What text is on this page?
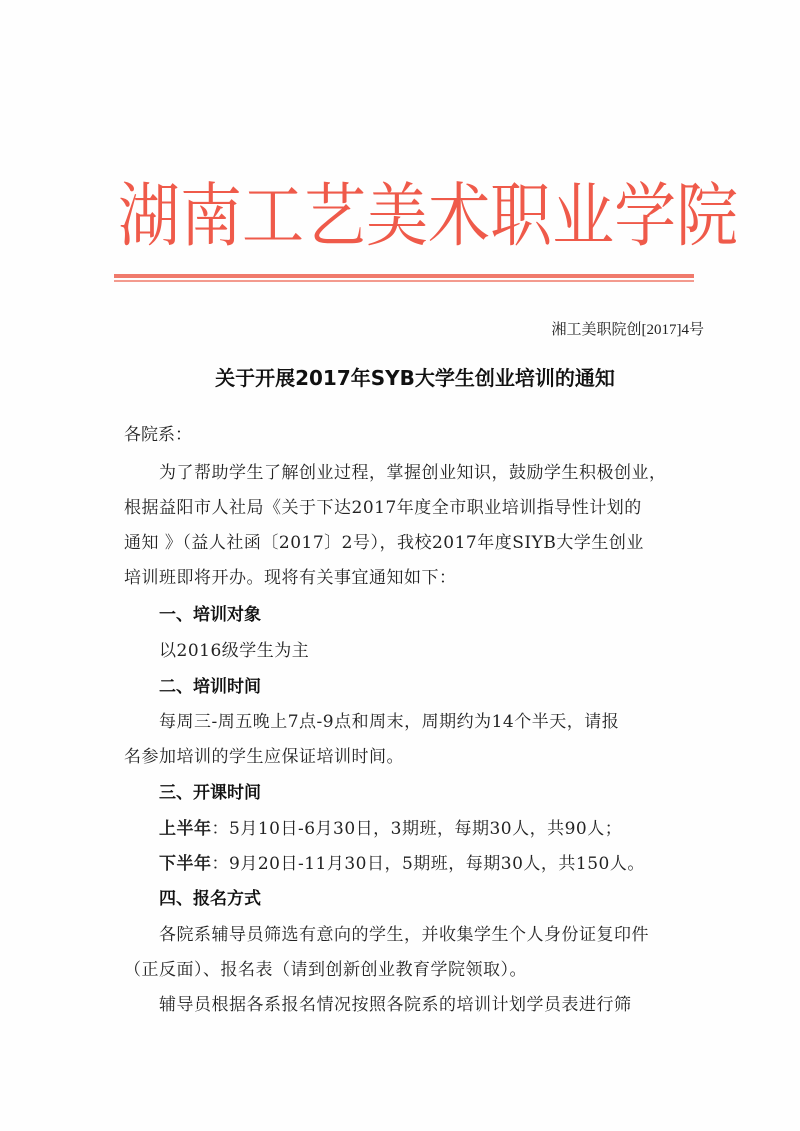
湖 南 工 艺 美 术 职 业 学 院
湘工美职院创[2017]4号
关于开展2017年SYB大学生创业培训的通知
各院系：
为了帮助学生了解创业过程，掌握创业知识，鼓励学生积极创业，
根据益阳市人社局《关于下达2017年度全市职业培训指导性计划的
通知 》（益人社函〔2017〕2号），我校2017年度SIYB大学生创业
培训班即将开办。现将有关事宜通知如下：
一、培训对象
以2016级学生为主
二、培训时间
每周三-周五晚上7点-9点和周末，周期约为14个半天，请报
名参加培训的学生应保证培训时间。
三、开课时间
上半年：5月10日-6月30日，3期班，每期30人，共90人；
下半年：9月20日-11月30日，5期班，每期30人，共150人。
四、报名方式
各院系辅导员筛选有意向的学生，并收集学生个人身份证复印件
（正反面）、报名表（请到创新创业教育学院领取）。
辅导员根据各系报名情况按照各院系的培训计划学员表进行筛
